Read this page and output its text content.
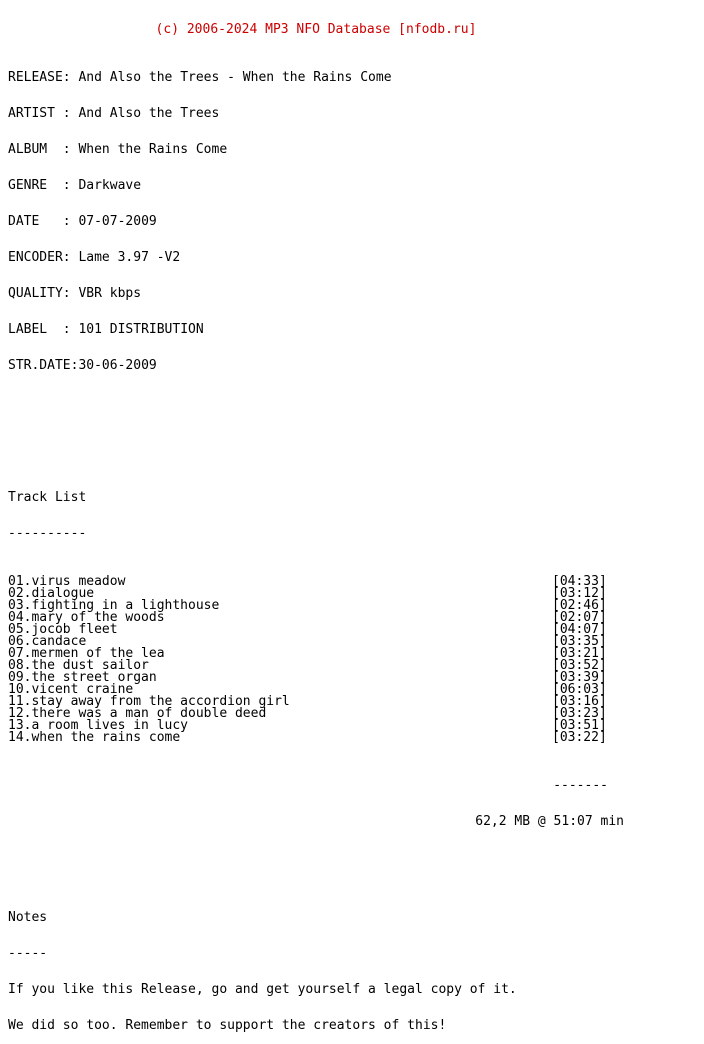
(c) 2006-2024 MP3 NFO Database [nfodb.ru]

RELEASE: And Also the Trees - When the Rains Come

ARTIST : And Also the Trees

ALBUM  : When the Rains Come

GENRE  : Darkwave

DATE   : 07-07-2009

ENCODER: Lame 3.97 -V2

QUALITY: VBR kbps

LABEL  : 101 DISTRIBUTION

STR.DATE:30-06-2009

Track List

----------

01.virus meadow	[04:33]
02.dialogue	[03:12]
03.fighting in a lighthouse	[02:46]
04.mary of the woods	[02:07]
05.jocob fleet	[04:07]
06.candace	[03:35]
07.mermen of the lea	[03:21]
08.the dust sailor	[03:52]
09.the street organ	[03:39]
10.vicent craine	[06:03]
11.stay away from the accordion girl	[03:16]
12.there was a man of double deed	[03:23]
13.a room lives in lucy	[03:51]
14.when the rains come	[03:22]

-------

62,2 MB @ 51:07 min

Notes

-----

If you like this Release, go and get yourself a legal copy of it.

We did so too. Remember to support the creators of this!
